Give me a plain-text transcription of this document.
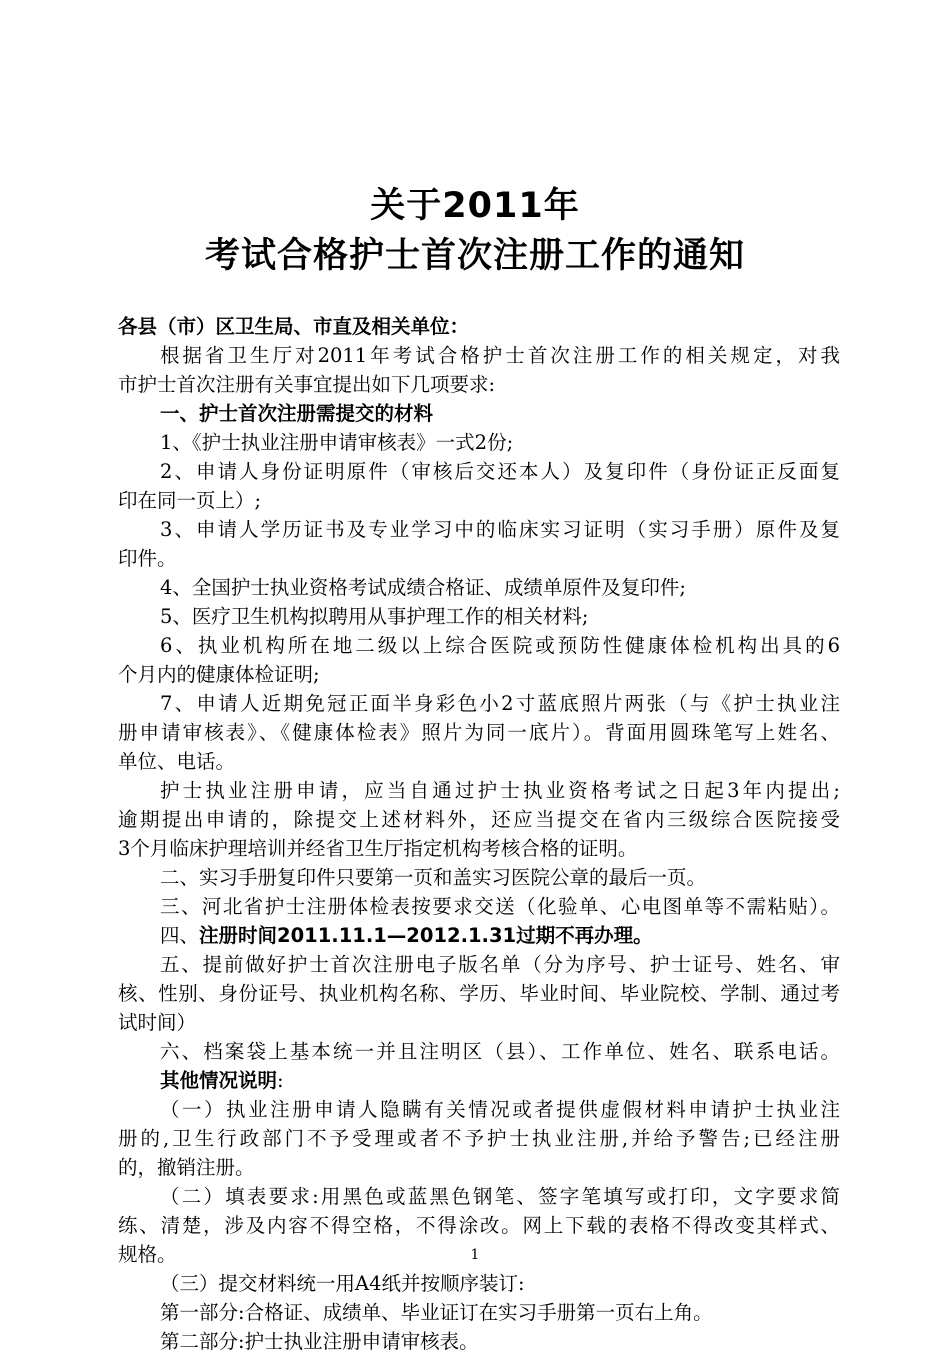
关于2011年
考试合格护士首次注册工作的通知
各县（市）区卫生局、市直及相关单位：
根据省卫生厅对2011年考试合格护士首次注册工作的相关规定，对我
市护士首次注册有关事宜提出如下几项要求:
一、护士首次注册需提交的材料
1、《护士执业注册申请审核表》一式2份;
2、申请人身份证明原件（审核后交还本人）及复印件（身份证正反面复
印在同一页上）;
3、申请人学历证书及专业学习中的临床实习证明（实习手册）原件及复
印件。
4、全国护士执业资格考试成绩合格证、成绩单原件及复印件;
5、医疗卫生机构拟聘用从事护理工作的相关材料;
6、执业机构所在地二级以上综合医院或预防性健康体检机构出具的6
个月内的健康体检证明;
7、申请人近期免冠正面半身彩色小2寸蓝底照片两张（与《护士执业注
册申请审核表》、《健康体检表》照片为同一底片）。背面用圆珠笔写上姓名、
单位、电话。
护士执业注册申请，应当自通过护士执业资格考试之日起3年内提出;
逾期提出申请的，除提交上述材料外，还应当提交在省内三级综合医院接受
3个月临床护理培训并经省卫生厅指定机构考核合格的证明。
二、实习手册复印件只要第一页和盖实习医院公章的最后一页。
三、河北省护士注册体检表按要求交送（化验单、心电图单等不需粘贴）。
四、注册时间2011.11.1—2012.1.31过期不再办理。
五、提前做好护士首次注册电子版名单（分为序号、护士证号、姓名、审
核、性别、身份证号、执业机构名称、学历、毕业时间、毕业院校、学制、通过考
试时间）
六、档案袋上基本统一并且注明区（县）、工作单位、姓名、联系电话。
其他情况说明:
（一）执业注册申请人隐瞒有关情况或者提供虚假材料申请护士执业注
册的,卫生行政部门不予受理或者不予护士执业注册,并给予警告;已经注册
的，撤销注册。
（二）填表要求:用黑色或蓝黑色钢笔、签字笔填写或打印，文字要求简
练、清楚，涉及内容不得空格，不得涂改。网上下载的表格不得改变其样式、
规格。
（三）提交材料统一用A4纸并按顺序装订:
第一部分:合格证、成绩单、毕业证订在实习手册第一页右上角。
第二部分:护士执业注册申请审核表。
1
